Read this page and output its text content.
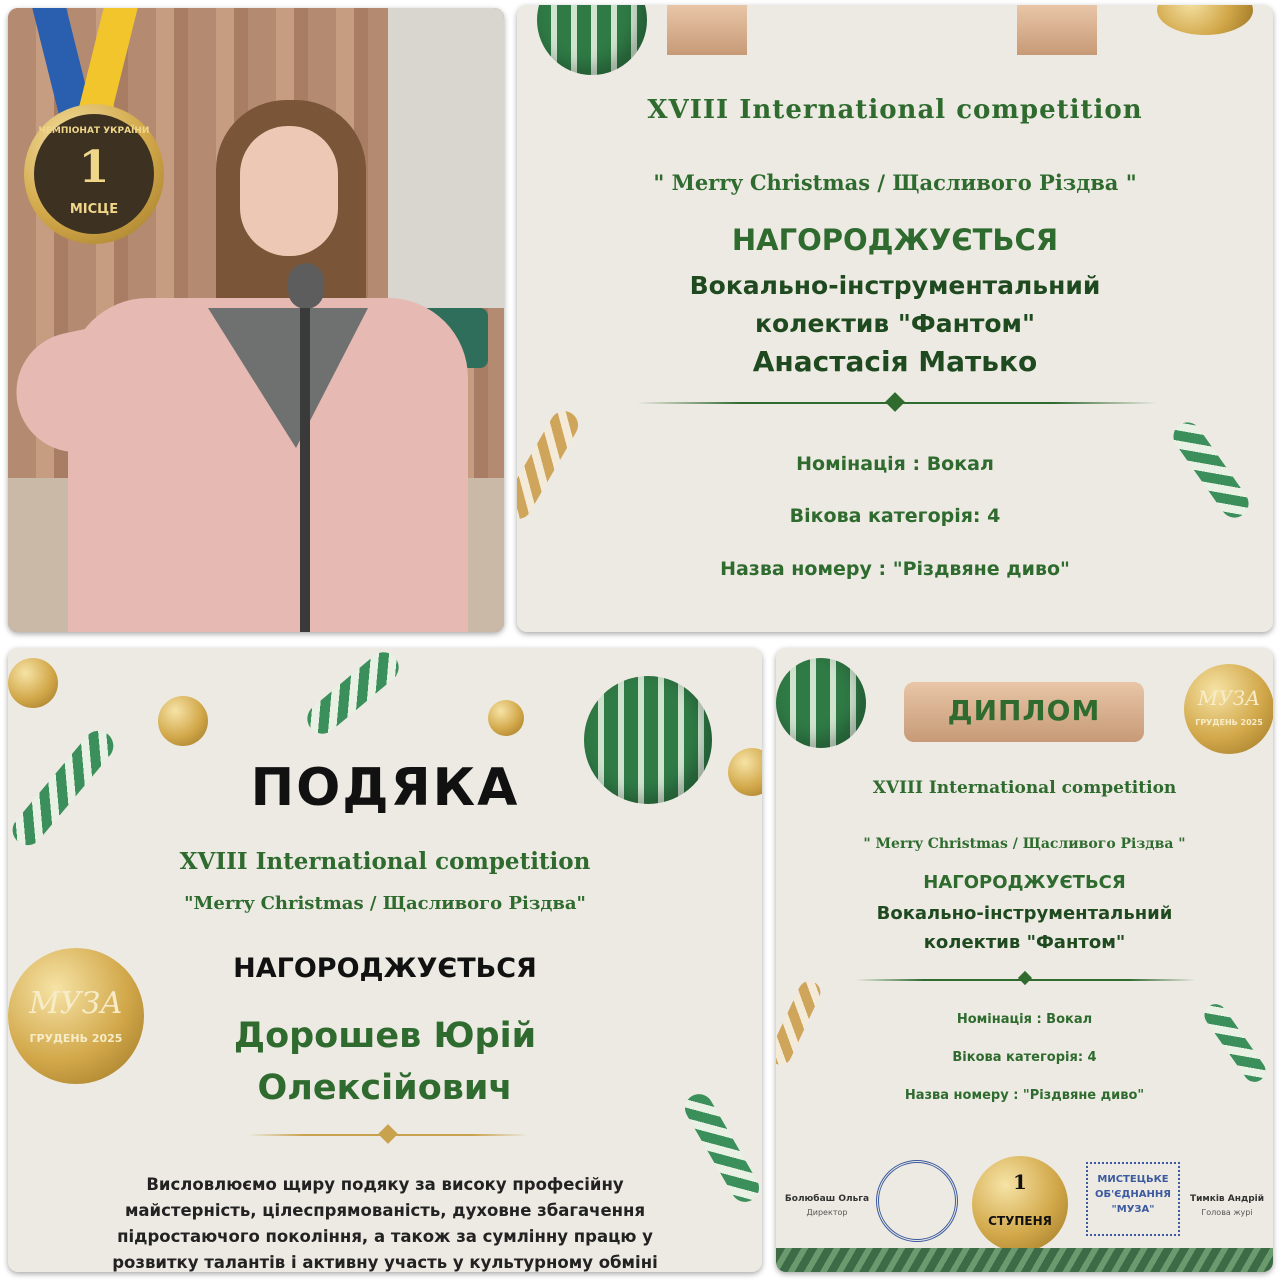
ЧЕМПІОНАТ УКРАЇНИ
1
МІСЦЕ
XVIII International competition
" Merry Christmas / Щасливого Різдва "
НАГОРОДЖУЄТЬСЯ
Вокально-інструментальний
колектив "Фантом"
Анастасія Матько
Номінація : Вокал
Вікова категорія: 4
Назва номеру : "Різдвяне диво"
МУЗА
ГРУДЕНЬ 2025
ПОДЯКА
XVIII International competition
"Merry Christmas / Щасливого Різдва"
НАГОРОДЖУЄТЬСЯ
Дорошев Юрій
Олексійович
Висловлюємо щиру подяку за високу професійну
майстерність, цілеспрямованість, духовне збагачення
підростаючого покоління, а також за сумлінну працю у
розвитку талантів і активну участь у культурному обміні
МУЗА
ГРУДЕНЬ 2025
ДИПЛОМ
XVIII International competition
" Merry Christmas / Щасливого Різдва "
НАГОРОДЖУЄТЬСЯ
Вокально-інструментальний
колектив "Фантом"
Номінація : Вокал
Вікова категорія: 4
Назва номеру : "Різдвяне диво"
Болюбаш Ольга
Директор
1
СТУПЕНЯ
МИСТЕЦЬКЕ
ОБ'ЄДНАННЯ
"МУЗА"
Тимків Андрій
Голова журі
